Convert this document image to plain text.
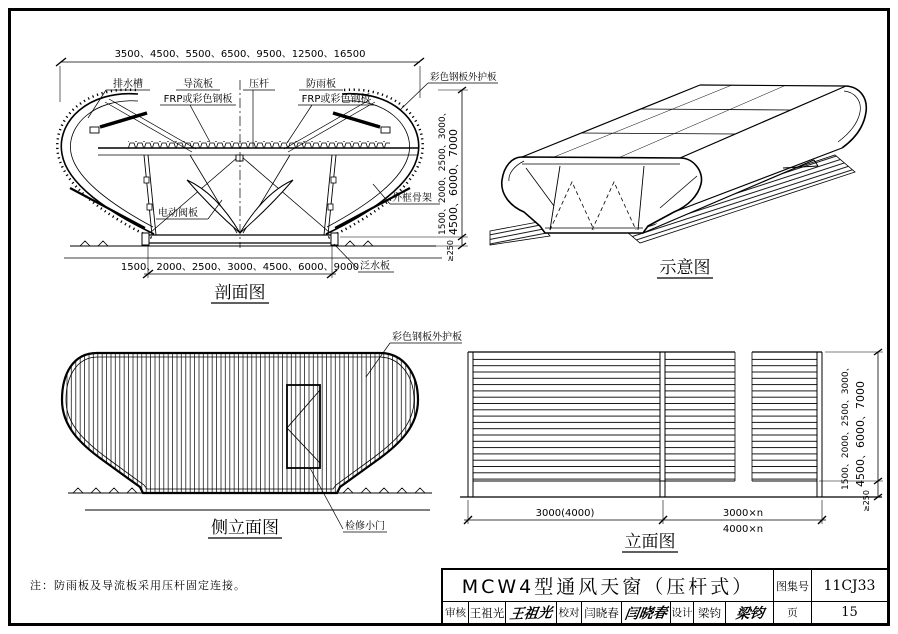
3500、4500、5500、6500、9500、12500、16500
排水槽	导流板
FRP或彩色钢板
压杆	防雨板
FRP或彩色钢板
彩色钢板外护板
电动阀板
外框骨架
泛水板
1500、2000、2500、3000、4500、6000、9000
1500、2000、2500、3000、 4500、6000、7000
≥250
剖面图
示意图
彩色钢板外护板
检修小门
侧立面图
3000(4000)	3000×n
4000×n
1500、2000、2500、3000、 4500、6000、7000
≥250
立面图
注：防雨板及导流板采用压杆固定连接。	MCW4型通风天窗（压杆式）	图集号	11CJ33
审核 王祖光 王祖光 校对 闫晓春 闫晓春 设计 梁钧 梁钧	页	15
